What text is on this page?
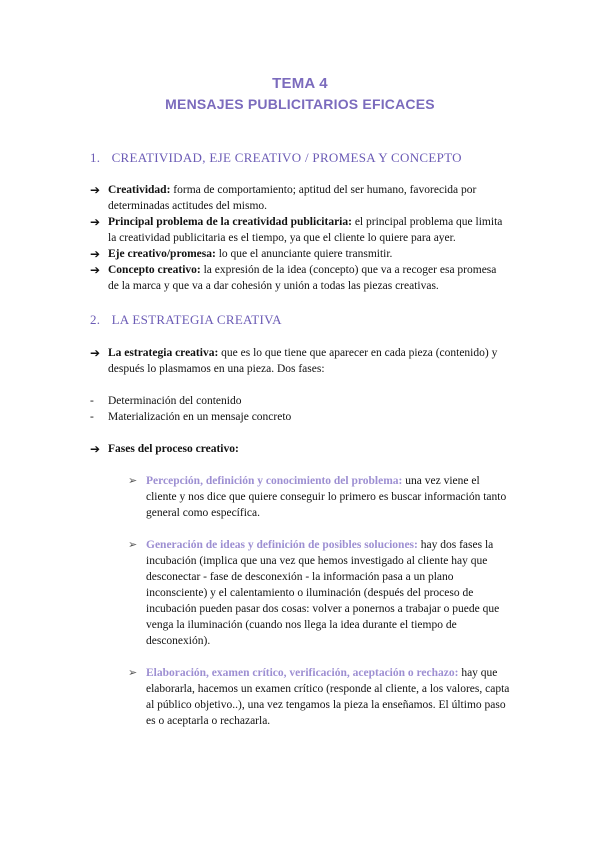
TEMA 4
MENSAJES PUBLICITARIOS EFICACES
1. CREATIVIDAD, EJE CREATIVO / PROMESA Y CONCEPTO
➔ Creatividad: forma de comportamiento; aptitud del ser humano, favorecida por determinadas actitudes del mismo.
➔ Principal problema de la creatividad publicitaria: el principal problema que limita la creatividad publicitaria es el tiempo, ya que el cliente lo quiere para ayer.
➔ Eje creativo/promesa: lo que el anunciante quiere transmitir.
➔ Concepto creativo: la expresión de la idea (concepto) que va a recoger esa promesa de la marca y que va a dar cohesión y unión a todas las piezas creativas.
2. LA ESTRATEGIA CREATIVA
➔ La estrategia creativa: que es lo que tiene que aparecer en cada pieza (contenido) y después lo plasmamos en una pieza. Dos fases:
- Determinación del contenido
- Materialización en un mensaje concreto
➔ Fases del proceso creativo:
➢ Percepción, definición y conocimiento del problema: una vez viene el cliente y nos dice que quiere conseguir lo primero es buscar información tanto general como específica.
➢ Generación de ideas y definición de posibles soluciones: hay dos fases la incubación (implica que una vez que hemos investigado al cliente hay que desconectar - fase de desconexión - la información pasa a un plano inconsciente) y el calentamiento o iluminación (después del proceso de incubación pueden pasar dos cosas: volver a ponernos a trabajar o puede que venga la iluminación (cuando nos llega la idea durante el tiempo de desconexión).
➢ Elaboración, examen crítico, verificación, aceptación o rechazo: hay que elaborarla, hacemos un examen crítico (responde al cliente, a los valores, capta al público objetivo..), una vez tengamos la pieza la enseñamos. El último paso es o aceptarla o rechazarla.
